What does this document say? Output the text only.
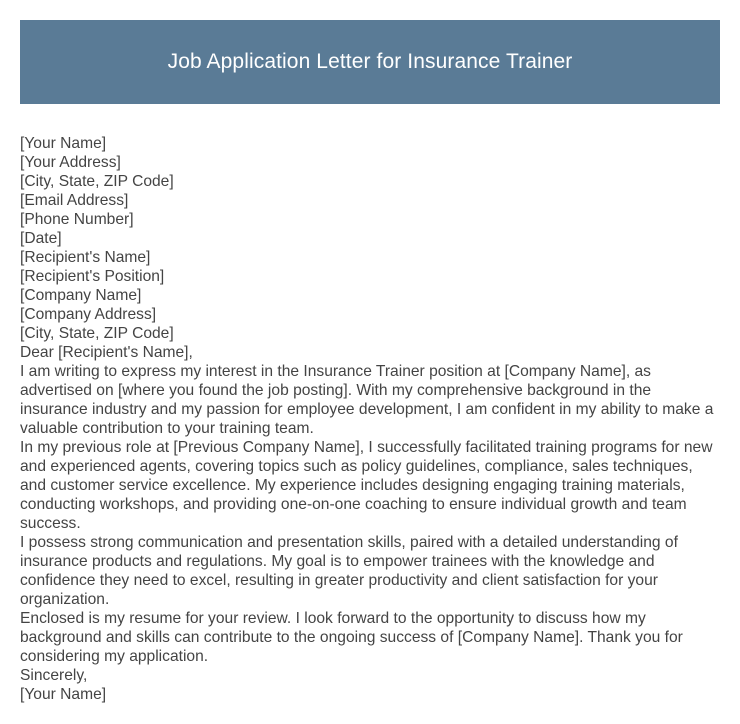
Job Application Letter for Insurance Trainer
[Your Name]
[Your Address]
[City, State, ZIP Code]
[Email Address]
[Phone Number]
[Date]
[Recipient's Name]
[Recipient's Position]
[Company Name]
[Company Address]
[City, State, ZIP Code]
Dear [Recipient's Name],
I am writing to express my interest in the Insurance Trainer position at [Company Name], as advertised on [where you found the job posting]. With my comprehensive background in the insurance industry and my passion for employee development, I am confident in my ability to make a valuable contribution to your training team.
In my previous role at [Previous Company Name], I successfully facilitated training programs for new and experienced agents, covering topics such as policy guidelines, compliance, sales techniques, and customer service excellence. My experience includes designing engaging training materials, conducting workshops, and providing one-on-one coaching to ensure individual growth and team success.
I possess strong communication and presentation skills, paired with a detailed understanding of insurance products and regulations. My goal is to empower trainees with the knowledge and confidence they need to excel, resulting in greater productivity and client satisfaction for your organization.
Enclosed is my resume for your review. I look forward to the opportunity to discuss how my background and skills can contribute to the ongoing success of [Company Name]. Thank you for considering my application.
Sincerely,
[Your Name]
